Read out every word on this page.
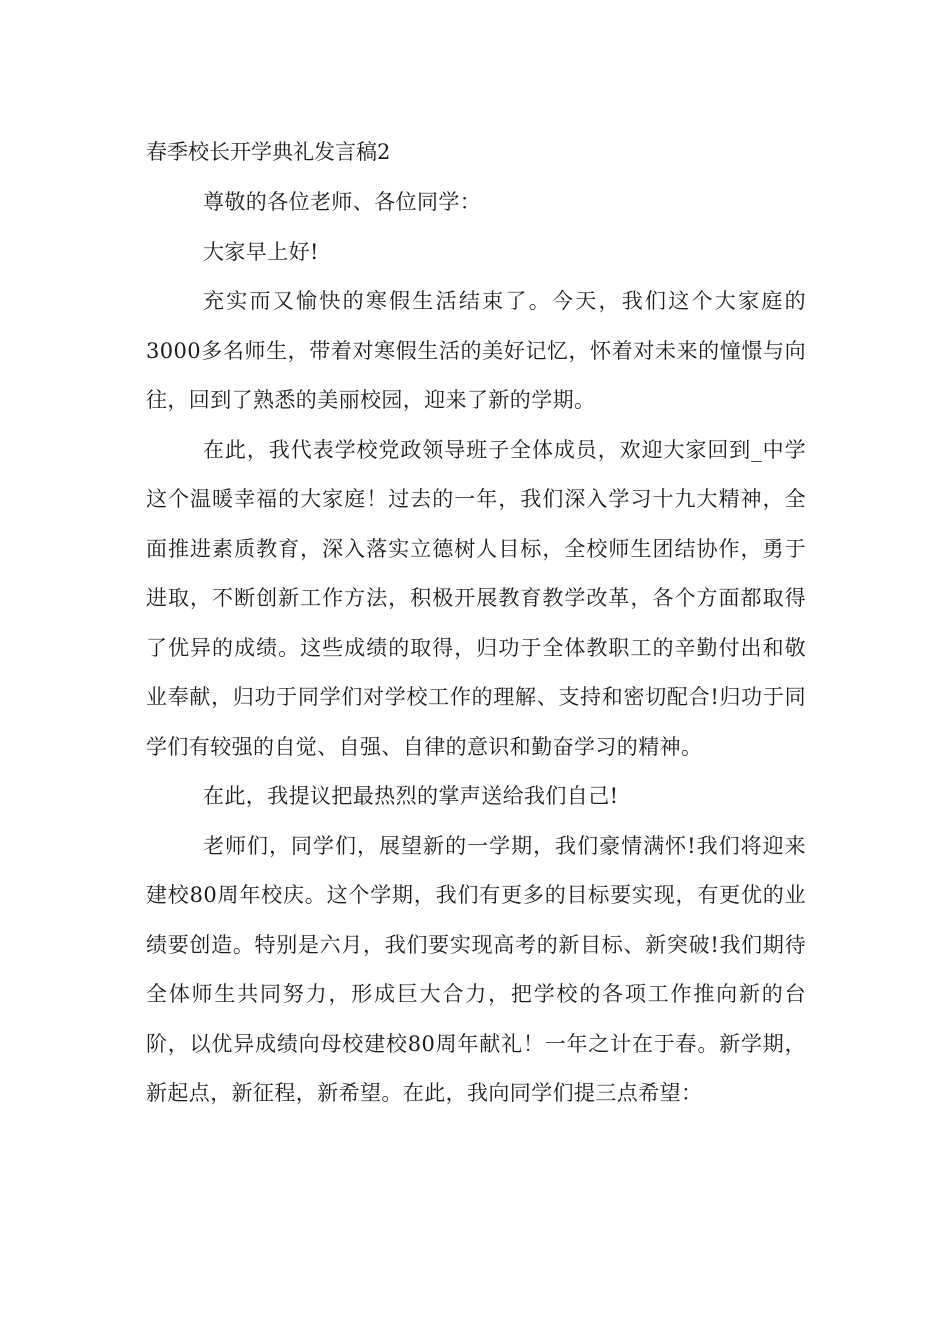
春季校长开学典礼发言稿2

尊敬的各位老师、各位同学：

大家早上好!

充实而又愉快的寒假生活结束了。今天，我们这个大家庭的3000多名师生，带着对寒假生活的美好记忆，怀着对未来的憧憬与向往，回到了熟悉的美丽校园，迎来了新的学期。

在此，我代表学校党政领导班子全体成员，欢迎大家回到_中学这个温暖幸福的大家庭！过去的一年，我们深入学习十九大精神，全面推进素质教育，深入落实立德树人目标，全校师生团结协作，勇于进取，不断创新工作方法，积极开展教育教学改革，各个方面都取得了优异的成绩。这些成绩的取得，归功于全体教职工的辛勤付出和敬业奉献，归功于同学们对学校工作的理解、支持和密切配合!归功于同学们有较强的自觉、自强、自律的意识和勤奋学习的精神。

在此，我提议把最热烈的掌声送给我们自己!

老师们，同学们，展望新的一学期，我们豪情满怀!我们将迎来建校80周年校庆。这个学期，我们有更多的目标要实现，有更优的业绩要创造。特别是六月，我们要实现高考的新目标、新突破!我们期待全体师生共同努力，形成巨大合力，把学校的各项工作推向新的台阶，以优异成绩向母校建校80周年献礼！一年之计在于春。新学期，新起点，新征程，新希望。在此，我向同学们提三点希望：
